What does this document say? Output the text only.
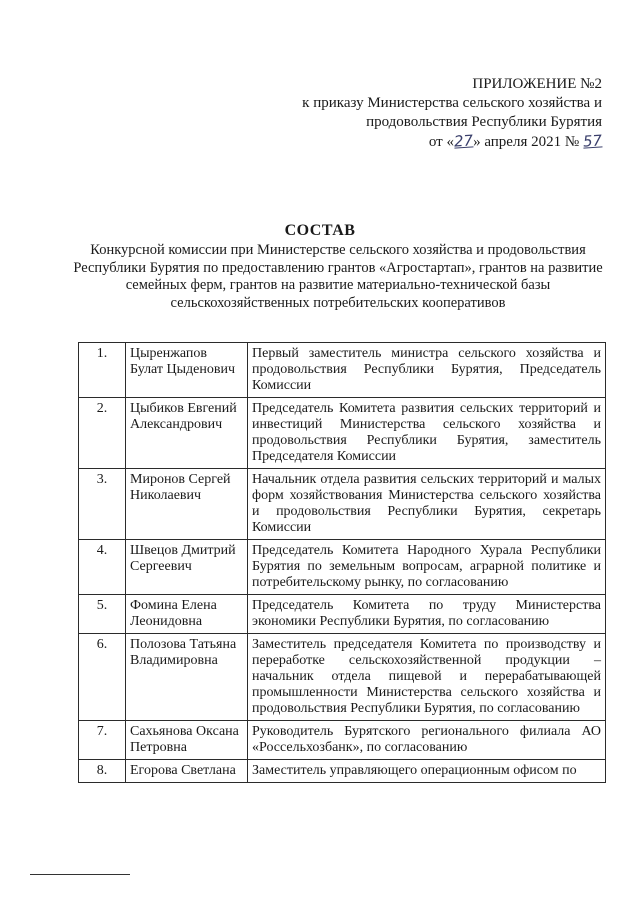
ПРИЛОЖЕНИЕ №2
к приказу Министерства сельского хозяйства и
продовольствия Республики Бурятия
от «27» апреля 2021 № 57
СОСТАВ
Конкурсной комиссии при Министерстве сельского хозяйства и продовольствия Республики Бурятия по предоставлению грантов «Агростартап», грантов на развитие семейных ферм, грантов на развитие материально-технической базы сельскохозяйственных потребительских кооперативов
1.	Цыренжапов Булат Цыденович	Первый заместитель министра сельского хозяйства и продовольствия Республики Бурятия, Председатель Комиссии
2.	Цыбиков Евгений Александрович	Председатель Комитета развития сельских территорий и инвестиций Министерства сельского хозяйства и продовольствия Республики Бурятия, заместитель Председателя Комиссии
3.	Миронов Сергей Николаевич	Начальник отдела развития сельских территорий и малых форм хозяйствования Министерства сельского хозяйства и продовольствия Республики Бурятия, секретарь Комиссии
4.	Швецов Дмитрий Сергеевич	Председатель Комитета Народного Хурала Республики Бурятия по земельным вопросам, аграрной политике и потребительскому рынку, по согласованию
5.	Фомина Елена Леонидовна	Председатель Комитета по труду Министерства экономики Республики Бурятия, по согласованию
6.	Полозова Татьяна Владимировна	Заместитель председателя Комитета по производству и переработке сельскохозяйственной продукции – начальник отдела пищевой и перерабатывающей промышленности Министерства сельского хозяйства и продовольствия Республики Бурятия, по согласованию
7.	Сахьянова Оксана Петровна	Руководитель Бурятского регионального филиала АО «Россельхозбанк», по согласованию
8.	Егорова Светлана	Заместитель управляющего операционным офисом по
